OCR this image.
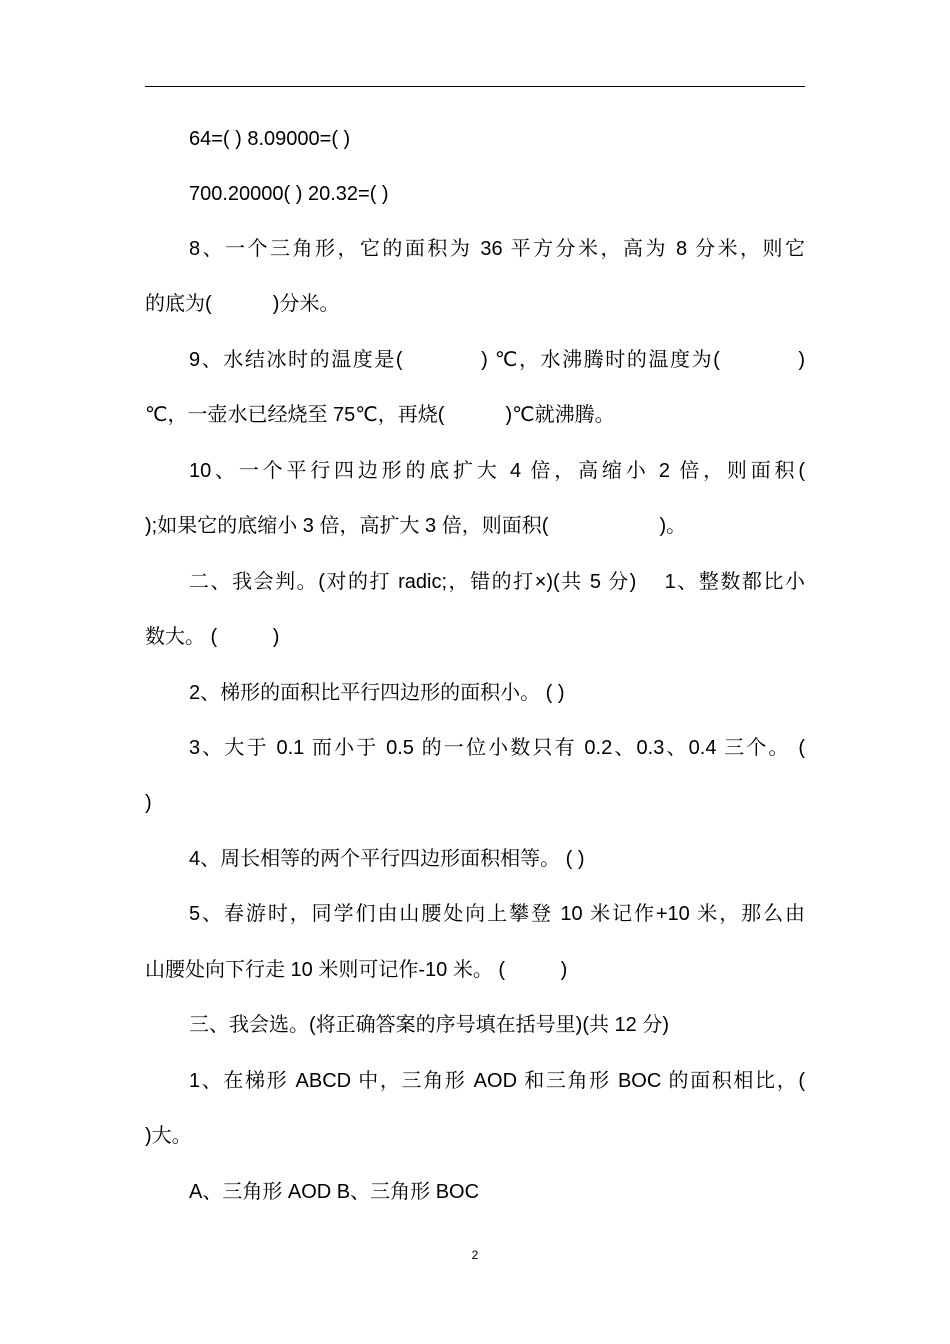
64=( ) 8.09000=( )
700.20000( ) 20.32=( )
8、一个三角形，它的面积为 36 平方分米，高为 8 分米，则它
的底为(           )分米。
9、水结冰时的温度是(           ) ℃，水沸腾时的温度为(           )
℃，一壶水已经烧至 75℃，再烧(           )℃就沸腾。
10、一个平行四边形的底扩大 4 倍，高缩小 2 倍，则面积(
);如果它的底缩小 3 倍，高扩大 3 倍，则面积(                    )。
二、我会判。(对的打 radic;，错的打×)(共 5 分)    1、整数都比小
数大。 (          )
2、梯形的面积比平行四边形的面积小。 ( )
3、大于 0.1 而小于 0.5 的一位小数只有 0.2、0.3、0.4 三个。 (
)
4、周长相等的两个平行四边形面积相等。 ( )
5、春游时，同学们由山腰处向上攀登 10 米记作+10 米，那么由
山腰处向下行走 10 米则可记作-10 米。 (          )
三、我会选。(将正确答案的序号填在括号里)(共 12 分)
1、在梯形 ABCD 中，三角形 AOD 和三角形 BOC 的面积相比，(
)大。
A、三角形 AOD B、三角形 BOC
2
